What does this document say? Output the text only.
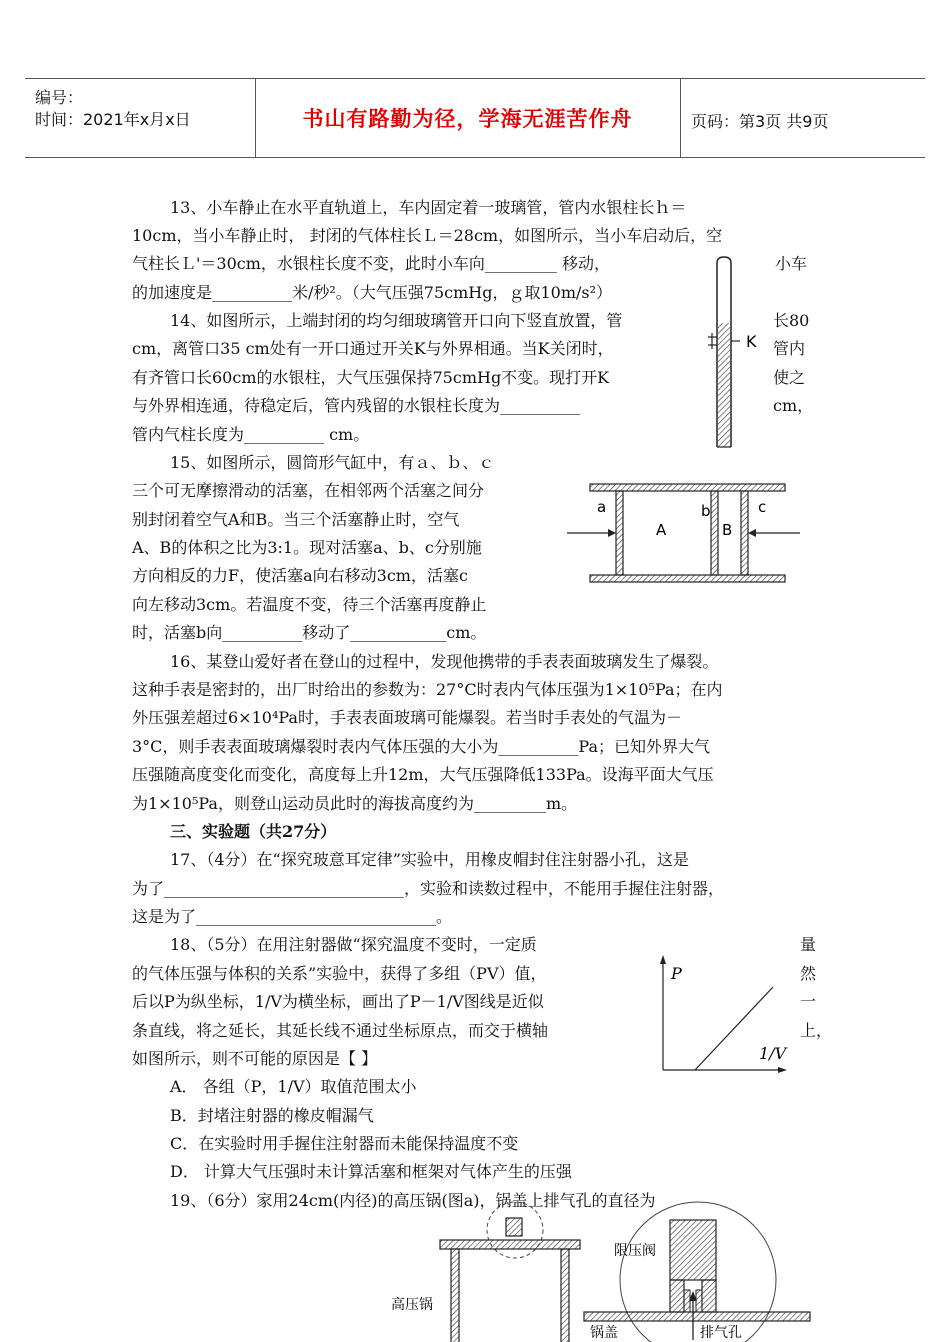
编号：
时间：2021年x月x日	书山有路勤为径，学海无涯苦作舟	页码：第3页 共9页
13、小车静止在水平直轨道上，车内固定着一玻璃管，管内水银柱长ｈ＝
10cm，当小车静止时， 封闭的气体柱长Ｌ＝28cm，如图所示，当小车启动后，空
气柱长Ｌ'＝30cm，水银柱长度不变，此时小车向_________ 移动，	小车
的加速度是__________米/秒²。（大气压强75cmHg，ｇ取10m/s²）
14、如图所示，上端封闭的均匀细玻璃管开口向下竖直放置，管	长80
cm，离管口35 cm处有一开口通过开关K与外界相通。当K关闭时，	管内
有齐管口长60cm的水银柱，大气压强保持75cmHg不变。现打开K	使之
与外界相连通，待稳定后，管内残留的水银柱长度为__________	cm，
管内气柱长度为__________ cm。
15、如图所示，圆筒形气缸中，有ａ、ｂ、ｃ
三个可无摩擦滑动的活塞，在相邻两个活塞之间分
别封闭着空气A和B。当三个活塞静止时，空气
A、B的体积之比为3:1。现对活塞a、b、c分别施
方向相反的力F，使活塞a向右移动3cm，活塞c
向左移动3cm。若温度不变，待三个活塞再度静止
时，活塞b向__________移动了____________cm。
16、某登山爱好者在登山的过程中，发现他携带的手表表面玻璃发生了爆裂。
这种手表是密封的，出厂时给出的参数为：27°C时表内气体压强为1×10⁵Pa；在内
外压强差超过6×10⁴Pa时，手表表面玻璃可能爆裂。若当时手表处的气温为－
3°C，则手表表面玻璃爆裂时表内气体压强的大小为__________Pa；已知外界大气
压强随高度变化而变化，高度每上升12m，大气压强降低133Pa。设海平面大气压
为1×10⁵Pa，则登山运动员此时的海拔高度约为_________m。
三、实验题（共27分）
17、（4分）在“探究玻意耳定律”实验中，用橡皮帽封住注射器小孔，这是
为了______________________________，实验和读数过程中，不能用手握住注射器，
这是为了______________________________。
18、（5分）在用注射器做“探究温度不变时，一定质	量
的气体压强与体积的关系”实验中，获得了多组（PV）值，	然
后以P为纵坐标，1/V为横坐标，画出了P－1/V图线是近似	一
条直线，将之延长，其延长线不通过坐标原点，而交于横轴	上，
如图所示，则不可能的原因是【 】
A． 各组（P，1/V）取值范围太小
B．封堵注射器的橡皮帽漏气
C．在实验时用手握住注射器而未能保持温度不变
D． 计算大气压强时未计算活塞和框架对气体产生的压强
19、（6分）家用24cm(内径)的高压锅(图a)，锅盖上排气孔的直径为
K
a
A
b
B
c
P
1/V
高压锅
限压阀
锅盖	排气孔
